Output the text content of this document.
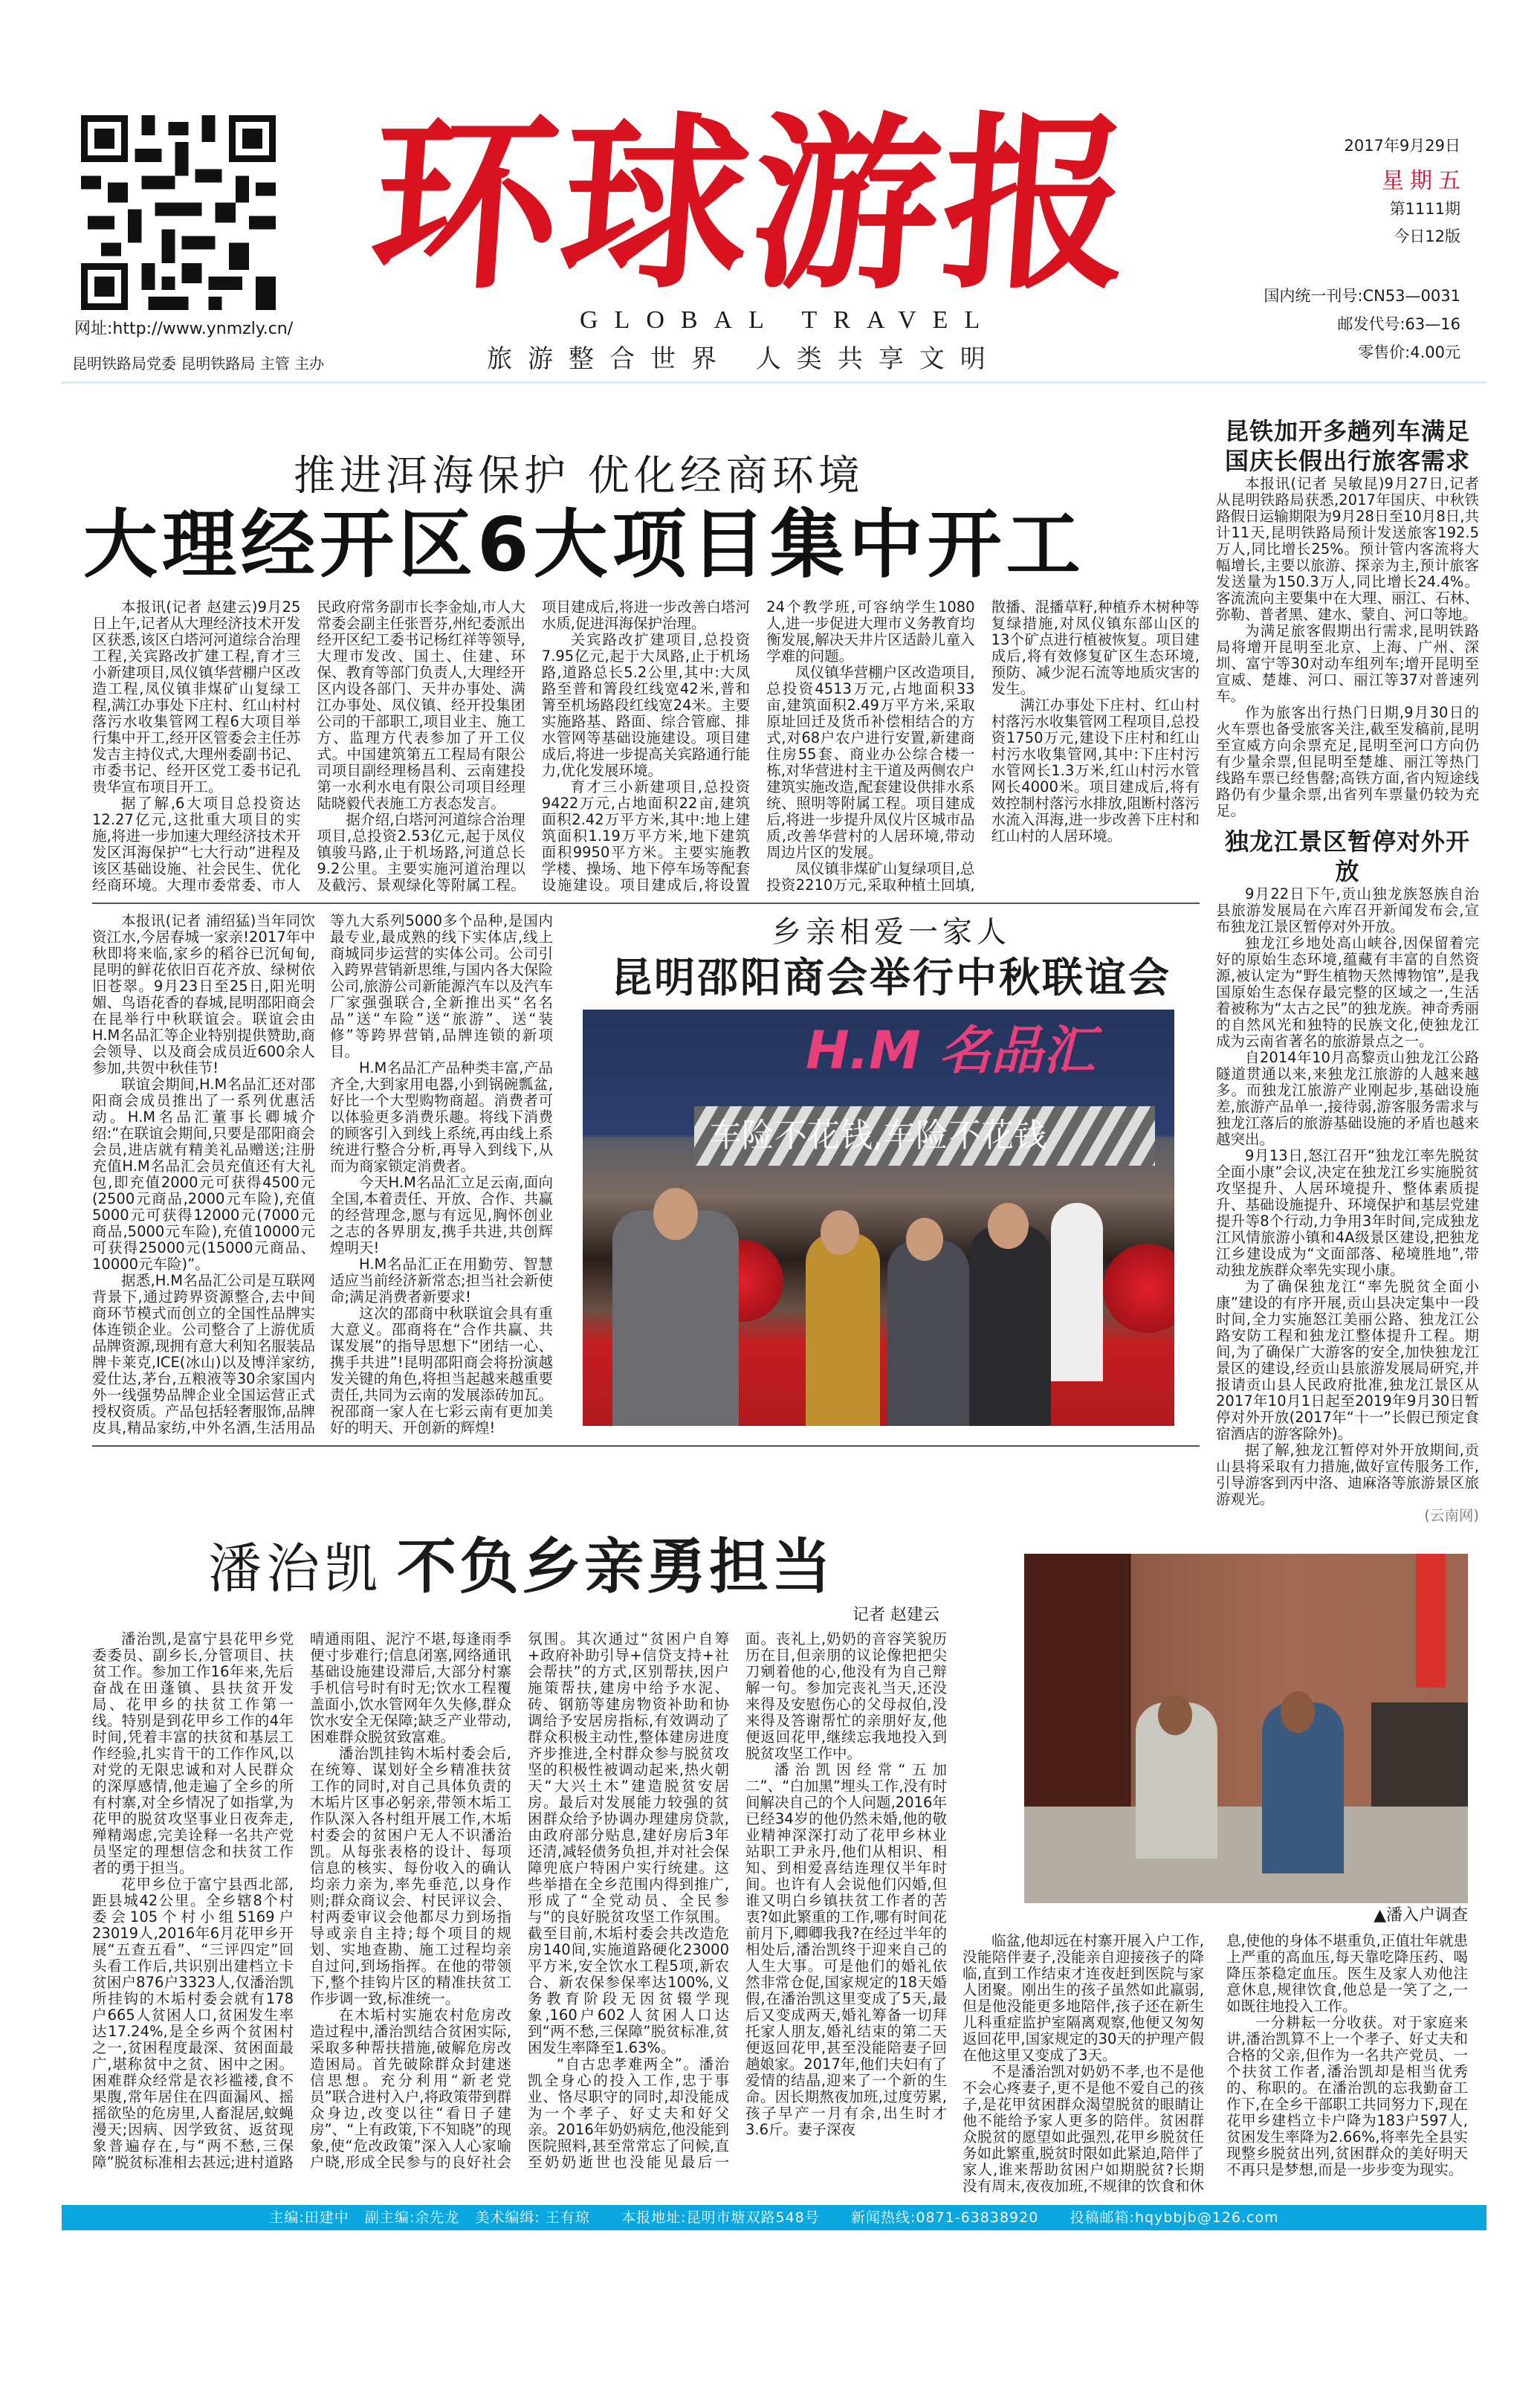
网址:http://www.ynmzly.cn/
昆明铁路局党委 昆明铁路局 主管 主办
环球游报
GLOBAL TRAVEL
旅游整合世界 人类共享文明
2017年9月29日
星期五
第1111期
今日12版
国内统一刊号:CN53—0031
邮发代号:63—16
零售价:4.00元
推进洱海保护 优化经商环境
大理经开区6大项目集中开工

本报讯(记者 赵建云)9月25日上午,记者从大理经济技术开发区获悉,该区白塔河河道综合治理工程,关宾路改扩建工程,育才三小新建项目,凤仪镇华营棚户区改造工程,凤仪镇非煤矿山复绿工程,满江办事处下庄村、红山村村落污水收集管网工程6大项目举行集中开工,经开区管委会主任苏发吉主持仪式,大理州委副书记、市委书记、经开区党工委书记孔贵华宣布项目开工。

据了解,6大项目总投资达12.27亿元,这批重大项目的实施,将进一步加速大理经济技术开发区洱海保护“七大行动”进程及该区基础设施、社会民生、优化经商环境。大理市委常委、市人民政府常务副市长李金灿,市人大常委会副主任张晋芬,州纪委派出经开区纪工委书记杨红祥等领导,大理市发改、国土、住建、环保、教育等部门负责人,大理经开区内设各部门、天井办事处、满江办事处、凤仪镇、经开投集团公司的干部职工,项目业主、施工方、监理方代表参加了开工仪式。中国建筑第五工程局有限公司项目副经理杨昌利、云南建投第一水利水电有限公司项目经理陆晓毅代表施工方表态发言。

据介绍,白塔河河道综合治理项目,总投资2.53亿元,起于凤仪镇骏马路,止于机场路,河道总长9.2公里。主要实施河道治理以及截污、景观绿化等附属工程。项目建成后,将进一步改善白塔河水质,促进洱海保护治理。

关宾路改扩建项目,总投资7.95亿元,起于大凤路,止于机场路,道路总长5.2公里,其中:大凤路至普和箐段红线宽42米,普和箐至机场路段红线宽24米。主要实施路基、路面、综合管廊、排水管网等基础设施建设。项目建成后,将进一步提高关宾路通行能力,优化发展环境。

育才三小新建项目,总投资9422万元,占地面积22亩,建筑面积2.42万平方米,其中:地上建筑面积1.19万平方米,地下建筑面积9950平方米。主要实施教学楼、操场、地下停车场等配套设施建设。项目建成后,将设置24个教学班,可容纳学生1080人,进一步促进大理市义务教育均衡发展,解决天井片区适龄儿童入学难的问题。

凤仪镇华营棚户区改造项目,总投资4513万元,占地面积33亩,建筑面积2.49万平方米,采取原址回迁及货币补偿相结合的方式,对68户农户进行安置,新建商住房55套、商业办公综合楼一栋,对华营进村主干道及两侧农户建筑实施改造,配套建设供排水系统、照明等附属工程。项目建成后,将进一步提升凤仪片区城市品质,改善华营村的人居环境,带动周边片区的发展。

凤仪镇非煤矿山复绿项目,总投资2210万元,采取种植土回填,散播、混播草籽,种植乔木树种等复绿措施,对凤仪镇东部山区的13个矿点进行植被恢复。项目建成后,将有效修复矿区生态环境,预防、减少泥石流等地质灾害的发生。

满江办事处下庄村、红山村村落污水收集管网工程项目,总投资1750万元,建设下庄村和红山村污水收集管网,其中:下庄村污水管网长1.3万米,红山村污水管网长4000米。项目建成后,将有效控制村落污水排放,阻断村落污水流入洱海,进一步改善下庄村和红山村的人居环境。

本报讯(记者 浦绍猛)当年同饮资江水,今居春城一家亲!2017年中秋即将来临,家乡的稻谷已沉甸甸,昆明的鲜花依旧百花齐放、绿树依旧苍翠。9月23日至25日,阳光明媚、鸟语花香的春城,昆明邵阳商会在昆举行中秋联谊会。联谊会由H.M名品汇等企业特别提供赞助,商会领导、以及商会成员近600余人参加,共贺中秋佳节!

联谊会期间,H.M名品汇还对邵阳商会成员推出了一系列优惠活动。H.M名品汇董事长卿城介绍:“在联谊会期间,只要是邵阳商会会员,进店就有精美礼品赠送;注册充值H.M名品汇会员充值还有大礼包,即充值2000元可获得4500元(2500元商品,2000元车险),充值5000元可获得12000元(7000元商品,5000元车险),充值10000元可获得25000元(15000元商品、10000元车险)”。

据悉,H.M名品汇公司是互联网背景下,通过跨界资源整合,去中间商环节模式而创立的全国性品牌实体连锁企业。公司整合了上游优质品牌资源,现拥有意大利知名服装品牌卡莱克,ICE(冰山)以及博洋家纺,爱仕达,茅台,五粮液等30余家国内外一线强势品牌企业全国运营正式授权资质。产品包括轻奢服饰,品牌皮具,精品家纺,中外名酒,生活用品等九大系列5000多个品种,是国内最专业,最成熟的线下实体店,线上商城同步运营的实体公司。公司引入跨界营销新思维,与国内各大保险公司,旅游公司新能源汽车以及汽车厂家强强联合,全新推出买“名名品”送“车险”送“旅游”、送“装修”等跨界营销,品牌连锁的新项目。

H.M名品汇产品种类丰富,产品齐全,大到家用电器,小到锅碗瓢盆,好比一个大型购物商超。消费者可以体验更多消费乐趣。将线下消费的顾客引入到线上系统,再由线上系统进行整合分析,再导入到线下,从而为商家锁定消费者。

今天H.M名品汇立足云南,面向全国,本着责任、开放、合作、共赢的经营理念,愿与有远见,胸怀创业之志的各界朋友,携手共进,共创辉煌明天!

H.M名品汇正在用勤劳、智慧适应当前经济新常态;担当社会新使命;满足消费者新要求!

这次的邵商中秋联谊会具有重大意义。邵商将在“合作共赢、共谋发展”的指导思想下“团结一心、携手共进”!昆明邵阳商会将扮演越发关键的角色,将担当起越来越重要责任,共同为云南的发展添砖加瓦。祝邵商一家人在七彩云南有更加美好的明天、开创新的辉煌!

乡亲相爱一家人
昆明邵阳商会举行中秋联谊会
H.M 名品汇
车险不花钱,车险不花钱
昆铁加开多趟列车满足国庆长假出行旅客需求

本报讯(记者 吴敏昆)9月27日,记者从昆明铁路局获悉,2017年国庆、中秋铁路假日运输期限为9月28日至10月8日,共计11天,昆明铁路局预计发送旅客192.5万人,同比增长25%。预计管内客流将大幅增长,主要以旅游、探亲为主,预计旅客发送量为150.3万人,同比增长24.4%。客流流向主要集中在大理、丽江、石林、弥勒、普者黑、建水、蒙自、河口等地。

为满足旅客假期出行需求,昆明铁路局将增开昆明至北京、上海、广州、深圳、富宁等30对动车组列车;增开昆明至宣威、楚雄、河口、丽江等37对普速列车。

作为旅客出行热门日期,9月30日的火车票也备受旅客关注,截至发稿前,昆明至宣威方向余票充足,昆明至河口方向仍有少量余票,但昆明至楚雄、丽江等热门线路车票已经售罄;高铁方面,省内短途线路仍有少量余票,出省列车票量仍较为充足。

独龙江景区暂停对外开放

9月22日下午,贡山独龙族怒族自治县旅游发展局在六库召开新闻发布会,宣布独龙江景区暂停对外开放。

独龙江乡地处高山峡谷,因保留着完好的原始生态环境,蕴藏有丰富的自然资源,被认定为“野生植物天然博物馆”,是我国原始生态保存最完整的区域之一,生活着被称为“太古之民”的独龙族。神奇秀丽的自然风光和独特的民族文化,使独龙江成为云南省著名的旅游景点之一。

自2014年10月高黎贡山独龙江公路隧道贯通以来,来独龙江旅游的人越来越多。而独龙江旅游产业刚起步,基础设施差,旅游产品单一,接待弱,游客服务需求与独龙江落后的旅游基础设施的矛盾也越来越突出。

9月13日,怒江召开“独龙江率先脱贫全面小康”会议,决定在独龙江乡实施脱贫攻坚提升、人居环境提升、整体素质提升、基础设施提升、环境保护和基层党建提升等8个行动,力争用3年时间,完成独龙江风情旅游小镇和4A级景区建设,把独龙江乡建设成为“文面部落、秘境胜地”,带动独龙族群众率先实现小康。

为了确保独龙江“率先脱贫全面小康”建设的有序开展,贡山县决定集中一段时间,全力实施怒江美丽公路、独龙江公路安防工程和独龙江整体提升工程。期间,为了确保广大游客的安全,加快独龙江景区的建设,经贡山县旅游发展局研究,并报请贡山县人民政府批准,独龙江景区从2017年10月1日起至2019年9月30日暂停对外开放(2017年“十一”长假已预定食宿酒店的游客除外)。

据了解,独龙江暂停对外开放期间,贡山县将采取有力措施,做好宣传服务工作,引导游客到丙中洛、迪麻洛等旅游景区旅游观光。

(云南网)
潘治凯 不负乡亲勇担当
记者 赵建云

潘治凯,是富宁县花甲乡党委委员、副乡长,分管项目、扶贫工作。参加工作16年来,先后奋战在田蓬镇、县扶贫开发局、花甲乡的扶贫工作第一线。特别是到花甲乡工作的4年时间,凭着丰富的扶贫和基层工作经验,扎实肯干的工作作风,以对党的无限忠诚和对人民群众的深厚感情,他走遍了全乡的所有村寨,对全乡情况了如指掌,为花甲的脱贫攻坚事业日夜奔走,殚精竭虑,完美诠释一名共产党员坚定的理想信念和扶贫工作者的勇于担当。

花甲乡位于富宁县西北部,距县城42公里。全乡辖8个村委会105个村小组5169户23019人,2016年6月花甲乡开展“五查五看”、“三评四定”回头看工作后,共识别出建档立卡贫困户876户3323人,仅潘治凯所挂钩的木垢村委会就有178户665人贫困人口,贫困发生率达17.24%,是全乡两个贫困村之一,贫困程度最深、贫困面最广,堪称贫中之贫、困中之困。困难群众经常是衣衫褴褛,食不果腹,常年居住在四面漏风、摇摇欲坠的危房里,人畜混居,蚊蝇漫天;因病、因学致贫、返贫现象普遍存在,与“两不愁,三保障”脱贫标准相去甚远;进村道路晴通雨阻、泥泞不堪,每逢雨季便寸步难行;信息闭塞,网络通讯基础设施建设滞后,大部分村寨手机信号时有时无;饮水工程覆盖面小,饮水管网年久失修,群众饮水安全无保障;缺乏产业带动,困难群众脱贫致富难。

潘治凯挂钩木垢村委会后,在统筹、谋划好全乡精准扶贫工作的同时,对自己具体负责的木垢片区事必躬亲,带领木垢工作队深入各村组开展工作,木垢村委会的贫困户无人不识潘治凯。从每张表格的设计、每项信息的核实、每份收入的确认均亲力亲为,率先垂范,以身作则;群众商议会、村民评议会、村两委审议会他都尽力到场指导或亲自主持;每个项目的规划、实地查勘、施工过程均亲自过问,到场指挥。在他的带领下,整个挂钩片区的精准扶贫工作步调一致,标准统一。

在木垢村实施农村危房改造过程中,潘治凯结合贫困实际,采取多种帮扶措施,破解危房改造困局。首先破除群众封建迷信思想。充分利用“新老党员”联合进村入户,将政策带到群众身边,改变以往“看日子建房”、“上有政策,下不知晓”的现象,使“危改政策”深入人心家喻户晓,形成全民参与的良好社会氛围。其次通过“贫困户自筹+政府补助引导+信贷支持+社会帮扶”的方式,区别帮扶,因户施策帮扶,建房中给予水泥、砖、钢筋等建房物资补助和协调给予安居房指标,有效调动了群众积极主动性,整体建房进度齐步推进,全村群众参与脱贫攻坚的积极性被调动起来,热火朝天“大兴土木”建造脱贫安居房。最后对发展能力较强的贫困群众给予协调办理建房贷款,由政府部分贴息,建好房后3年还清,减轻债务负担,并对社会保障兜底户特困户实行统建。这些举措在全乡范围内得到推广,形成了“全党动员、全民参与”的良好脱贫攻坚工作氛围。截至目前,木垢村委会共改造危房140间,实施道路硬化23000平方米,安全饮水工程5项,新农合、新农保参保率达100%,义务教育阶段无因贫辍学现象,160户602人贫困人口达到“两不愁,三保障”脱贫标准,贫困发生率降至1.63%。

“自古忠孝难两全”。潘治凯全身心的投入工作,忠于事业、恪尽职守的同时,却没能成为一个孝子、好丈夫和好父亲。2016年奶奶病危,他没能到医院照料,甚至常常忘了问候,直至奶奶逝世也没能见最后一面。丧礼上,奶奶的音容笑貌历历在目,但亲朋的议论像把把尖刀剜着他的心,他没有为自己辩解一句。参加完丧礼当天,还没来得及安慰伤心的父母叔伯,没来得及答谢帮忙的亲朋好友,他便返回花甲,继续忘我地投入到脱贫攻坚工作中。

潘治凯因经常“五加二”、“白加黑”埋头工作,没有时间解决自己的个人问题,2016年已经34岁的他仍然未婚,他的敬业精神深深打动了花甲乡林业站职工尹永丹,他们从相识、相知、到相爱喜结连理仅半年时间。也许有人会说他们闪婚,但谁又明白乡镇扶贫工作者的苦衷?如此繁重的工作,哪有时间花前月下,卿卿我我?在经过半年的相处后,潘治凯终于迎来自己的人生大事。可是他们的婚礼依然非常仓促,国家规定的18天婚假,在潘治凯这里变成了5天,最后又变成两天,婚礼筹备一切拜托家人朋友,婚礼结束的第二天便返回花甲,甚至没能陪妻子回趟娘家。2017年,他们夫妇有了爱情的结晶,迎来了一个新的生命。因长期熬夜加班,过度劳累,孩子早产一月有余,出生时才3.6斤。妻子深夜

▲潘入户调查

临盆,他却远在村寨开展入户工作,没能陪伴妻子,没能亲自迎接孩子的降临,直到工作结束才连夜赶到医院与家人团聚。刚出生的孩子虽然如此羸弱,但是他没能更多地陪伴,孩子还在新生儿科重症监护室隔离观察,他便又匆匆返回花甲,国家规定的30天的护理产假在他这里又变成了3天。

不是潘治凯对奶奶不孝,也不是他不会心疼妻子,更不是他不爱自己的孩子,是花甲贫困群众渴望脱贫的眼睛让他不能给予家人更多的陪伴。贫困群众脱贫的愿望如此强烈,花甲乡脱贫任务如此繁重,脱贫时限如此紧迫,陪伴了家人,谁来帮助贫困户如期脱贫?长期没有周末,夜夜加班,不规律的饮食和休息,使他的身体不堪重负,正值壮年就患上严重的高血压,每天靠吃降压药、喝降压茶稳定血压。医生及家人劝他注意休息,规律饮食,他总是一笑了之,一如既往地投入工作。

一分耕耘一分收获。对于家庭来讲,潘治凯算不上一个孝子、好丈夫和合格的父亲,但作为一名共产党员、一个扶贫工作者,潘治凯却是相当优秀的、称职的。在潘治凯的忘我勤奋工作下,在全乡干部职工共同努力下,现在花甲乡建档立卡户降为183户597人,贫困发生率降为2.66%,将率先全县实现整乡脱贫出列,贫困群众的美好明天不再只是梦想,而是一步步变为现实。

主编:田建中   副主编:余先龙   美术编缉: 王有琼      本报地址:昆明市塘双路548号      新闻热线:0871-63838920      投稿邮箱:hqybbjb@126.com
